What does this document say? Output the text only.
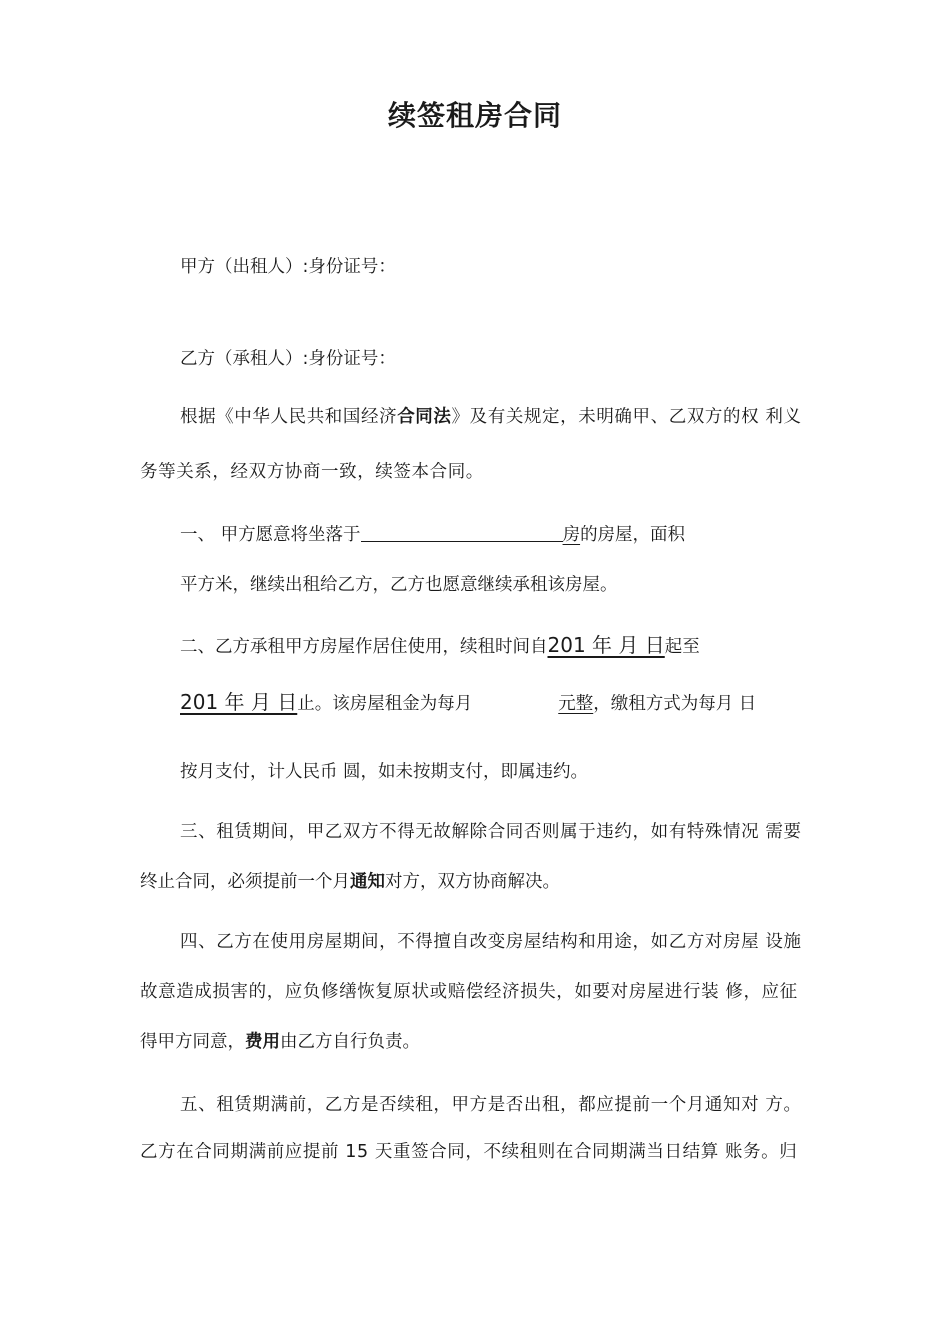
续签租房合同
甲方（出租人）:身份证号：
乙方（承租人）:身份证号：
根据《中华人民共和国经济合同法》及有关规定，未明确甲、乙双方的权 利义
务等关系，经双方协商一致，续签本合同。
一、 甲方愿意将坐落于	房的房屋，面积
平方米，继续出租给乙方，乙方也愿意继续承租该房屋。
二、乙方承租甲方房屋作居住使用，续租时间自201 年 月 日起至
201 年 月 日止。该房屋租金为每月	元整，缴租方式为每月 日
按月支付，计人民币 圆，如未按期支付，即属违约。
三、租赁期间，甲乙双方不得无故解除合同否则属于违约，如有特殊情况 需要
终止合同，必须提前一个月通知对方，双方协商解决。
四、乙方在使用房屋期间，不得擅自改变房屋结构和用途，如乙方对房屋 设施
故意造成损害的，应负修缮恢复原状或赔偿经济损失，如要对房屋进行装 修，应征
得甲方同意，费用由乙方自行负责。
五、租赁期满前，乙方是否续租，甲方是否出租，都应提前一个月通知对 方。
乙方在合同期满前应提前 15 天重签合同，不续租则在合同期满当日结算 账务。归
